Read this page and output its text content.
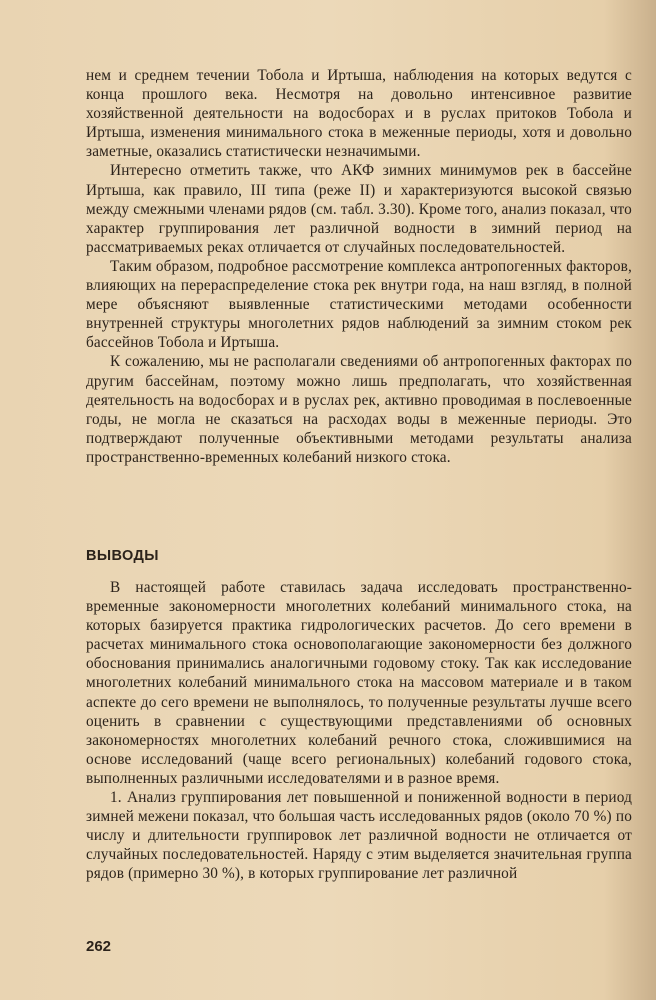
нем и среднем течении Тобола и Иртыша, наблюдения на которых ведутся с конца прошлого века. Несмотря на довольно интенсивное развитие хозяйственной деятельности на водосборах и в руслах притоков Тобола и Иртыша, изменения минимального стока в меженные периоды, хотя и довольно заметные, оказались статистически незначимыми.

Интересно отметить также, что АКФ зимних минимумов рек в бассейне Иртыша, как правило, III типа (реже II) и характеризуются высокой связью между смежными членами рядов (см. табл. 3.30). Кроме того, анализ показал, что характер группирования лет различной водности в зимний период на рассматриваемых реках отличается от случайных последовательностей.

Таким образом, подробное рассмотрение комплекса антропогенных факторов, влияющих на перераспределение стока рек внутри года, на наш взгляд, в полной мере объясняют выявленные статистическими методами особенности внутренней структуры многолетних рядов наблюдений за зимним стоком рек бассейнов Тобола и Иртыша.

К сожалению, мы не располагали сведениями об антропогенных факторах по другим бассейнам, поэтому можно лишь предполагать, что хозяйственная деятельность на водосборах и в руслах рек, активно проводимая в послевоенные годы, не могла не сказаться на расходах воды в меженные периоды. Это подтверждают полученные объективными методами результаты анализа пространственно-временных колебаний низкого стока.

ВЫВОДЫ

В настоящей работе ставилась задача исследовать пространственно-временные закономерности многолетних колебаний минимального стока, на которых базируется практика гидрологических расчетов. До сего времени в расчетах минимального стока основополагающие закономерности без должного обоснования принимались аналогичными годовому стоку. Так как исследование многолетних колебаний минимального стока на массовом материале и в таком аспекте до сего времени не выполнялось, то полученные результаты лучше всего оценить в сравнении с существующими представлениями об основных закономерностях многолетних колебаний речного стока, сложившимися на основе исследований (чаще всего региональных) колебаний годового стока, выполненных различными исследователями и в разное время.

1. Анализ группирования лет повышенной и пониженной водности в период зимней межени показал, что большая часть исследованных рядов (около 70 %) по числу и длительности группировок лет различной водности не отличается от случайных последовательностей. Наряду с этим выделяется значительная группа рядов (примерно 30 %), в которых группирование лет различной

262
